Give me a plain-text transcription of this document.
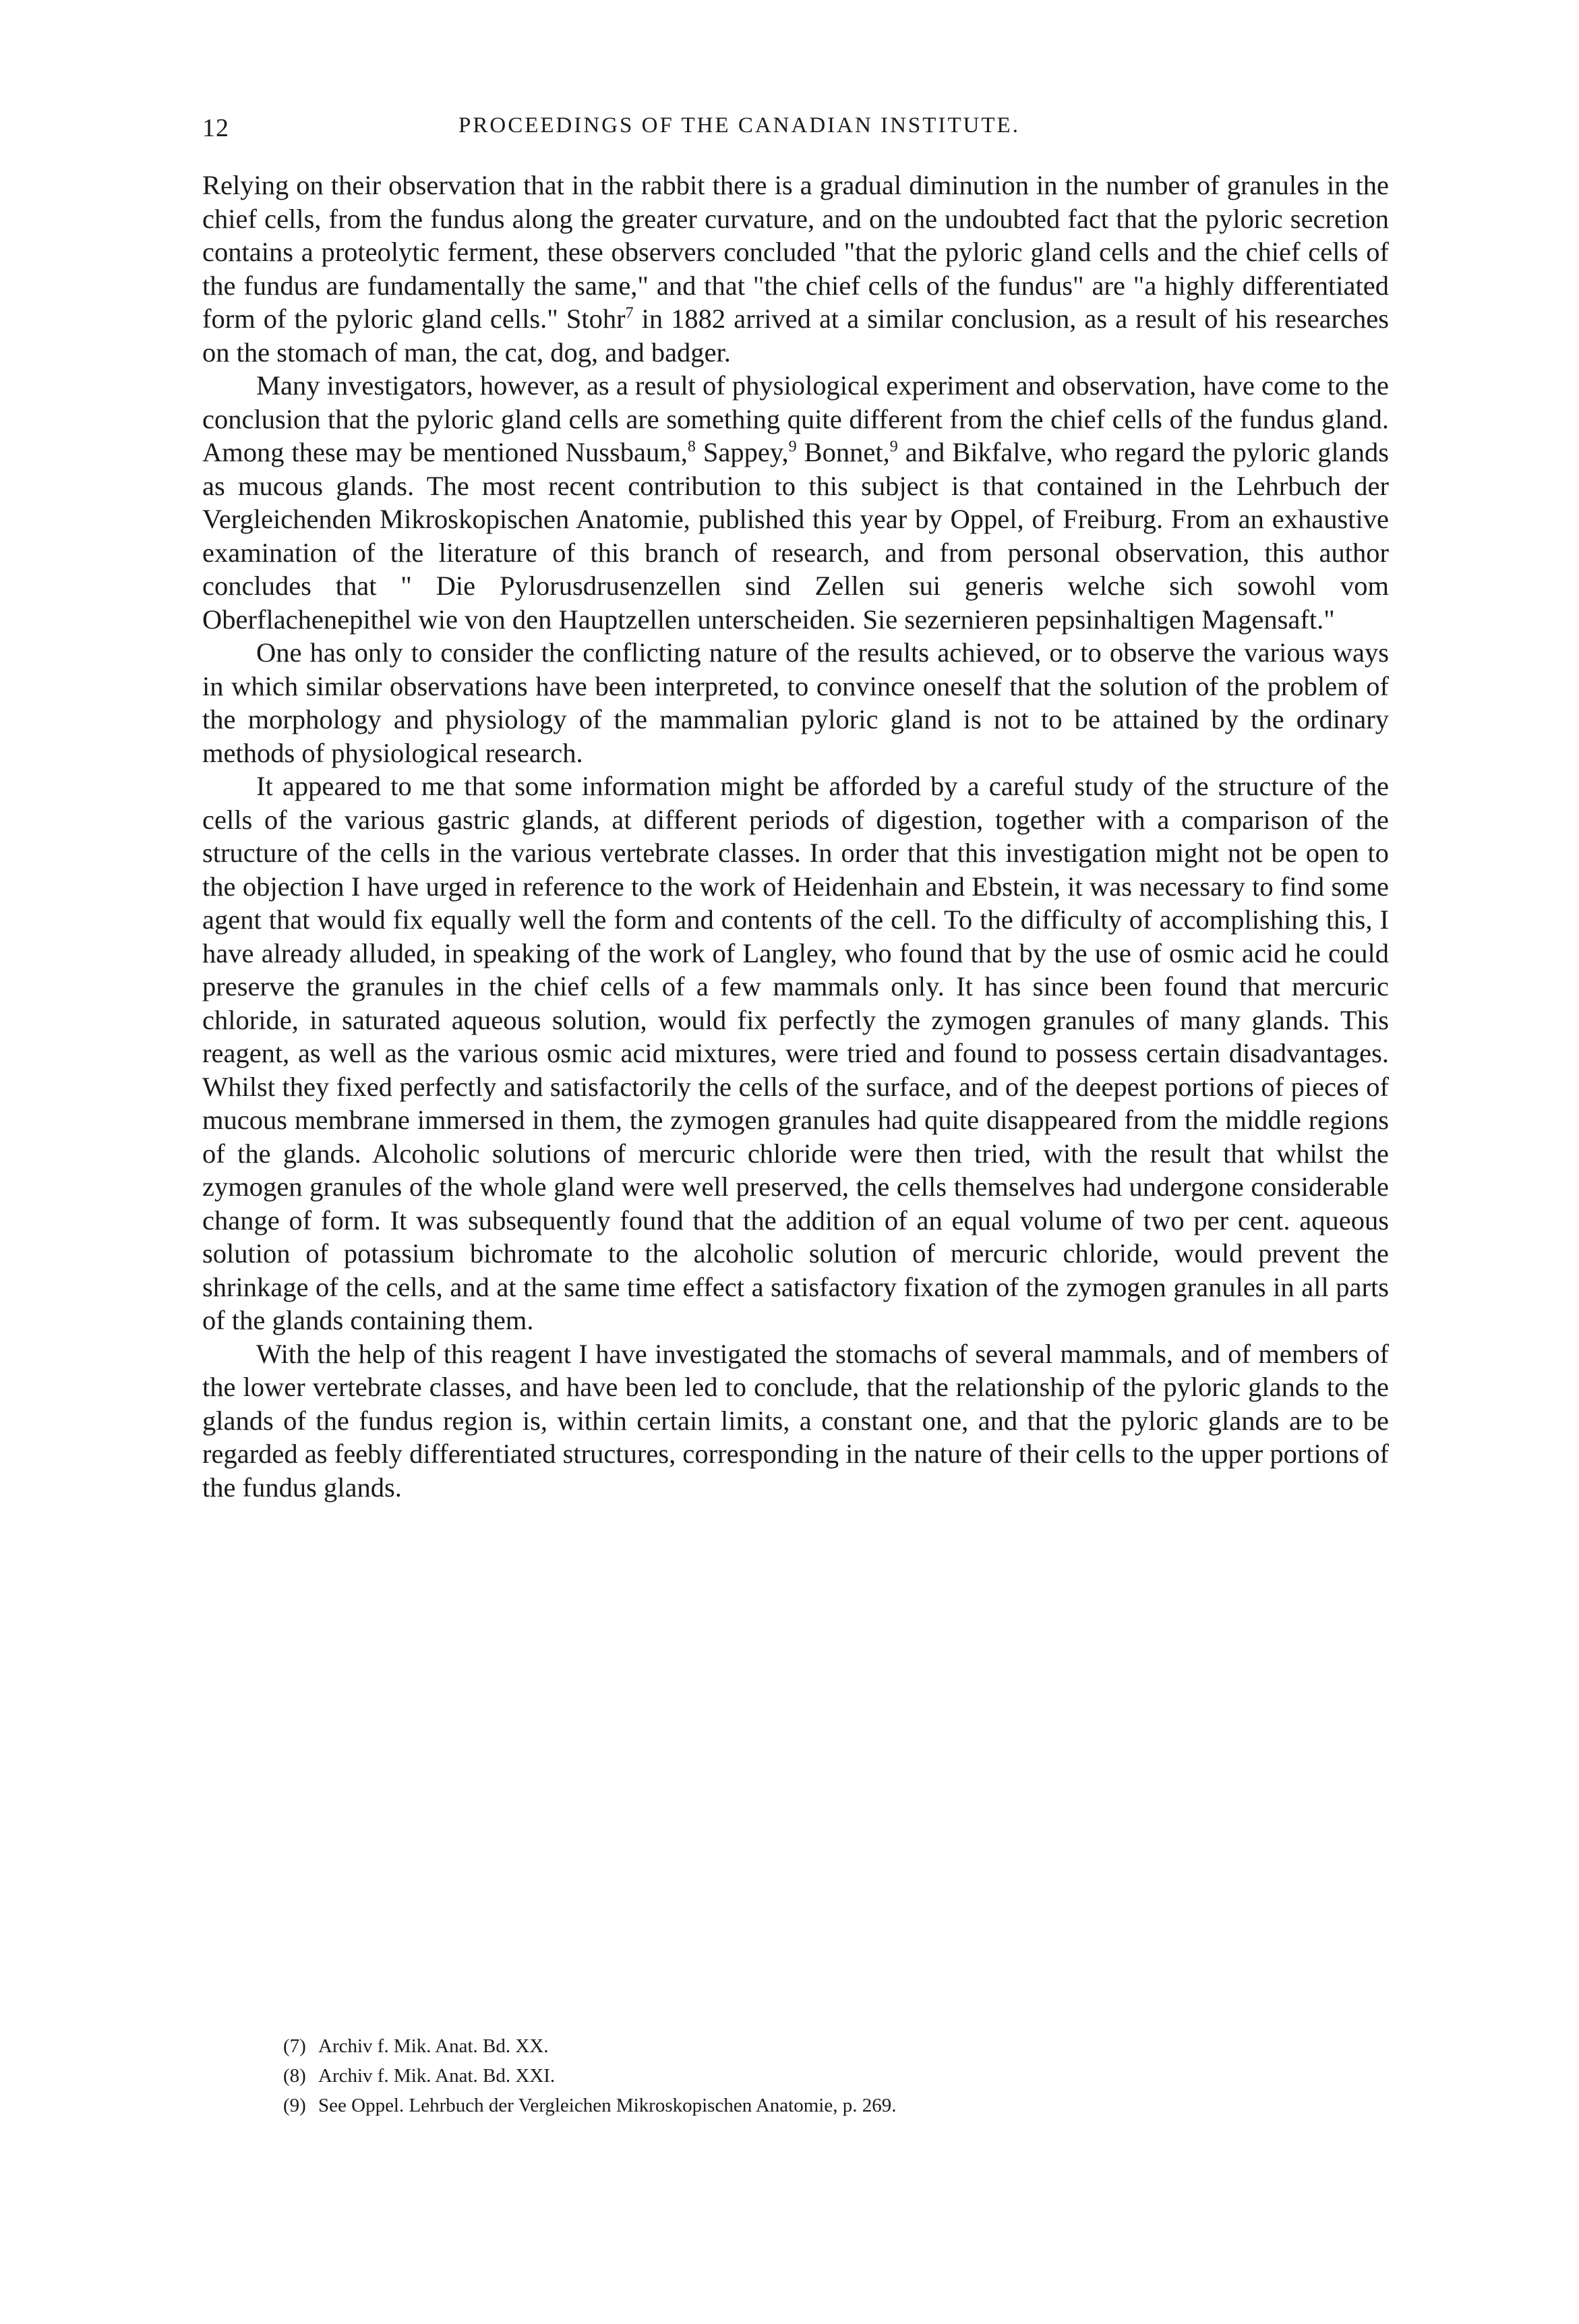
12	PROCEEDINGS OF THE CANADIAN INSTITUTE.

Relying on their observation that in the rabbit there is a gradual diminution in the number of granules in the chief cells, from the fundus along the greater curvature, and on the undoubted fact that the pyloric secretion contains a proteolytic ferment, these observers concluded "that the pyloric gland cells and the chief cells of the fundus are fundamentally the same," and that "the chief cells of the fundus" are "a highly differentiated form of the pyloric gland cells." Stohr$^7$ in 1882 arrived at a similar conclusion, as a result of his researches on the stomach of man, the cat, dog, and badger.

Many investigators, however, as a result of physiological experiment and observation, have come to the conclusion that the pyloric gland cells are something quite different from the chief cells of the fundus gland. Among these may be mentioned Nussbaum,$^8$ Sappey,$^9$ Bonnet,$^9$ and Bikfalve, who regard the pyloric glands as mucous glands. The most recent contribution to this subject is that contained in the Lehrbuch der Vergleichenden Mikroskopischen Anatomie, published this year by Oppel, of Freiburg. From an exhaustive examination of the literature of this branch of research, and from personal observation, this author concludes that " Die Pylorusdrusenzellen sind Zellen sui generis welche sich sowohl vom Oberflachenepithel wie von den Hauptzellen unterscheiden. Sie sezernieren pepsinhaltigen Magensaft."

One has only to consider the conflicting nature of the results achieved, or to observe the various ways in which similar observations have been interpreted, to convince oneself that the solution of the problem of the morphology and physiology of the mammalian pyloric gland is not to be attained by the ordinary methods of physiological research.

It appeared to me that some information might be afforded by a careful study of the structure of the cells of the various gastric glands, at different periods of digestion, together with a comparison of the structure of the cells in the various vertebrate classes. In order that this investigation might not be open to the objection I have urged in reference to the work of Heidenhain and Ebstein, it was necessary to find some agent that would fix equally well the form and contents of the cell. To the difficulty of accomplishing this, I have already alluded, in speaking of the work of Langley, who found that by the use of osmic acid he could preserve the granules in the chief cells of a few mammals only. It has since been found that mercuric chloride, in saturated aqueous solution, would fix perfectly the zymogen granules of many glands. This reagent, as well as the various osmic acid mixtures, were tried and found to possess certain disadvantages. Whilst they fixed perfectly and satisfactorily the cells of the surface, and of the deepest portions of pieces of mucous membrane immersed in them, the zymogen granules had quite disappeared from the middle regions of the glands. Alcoholic solutions of mercuric chloride were then tried, with the result that whilst the zymogen granules of the whole gland were well preserved, the cells themselves had undergone considerable change of form. It was subsequently found that the addition of an equal volume of two per cent. aqueous solution of potassium bichromate to the alcoholic solution of mercuric chloride, would prevent the shrinkage of the cells, and at the same time effect a satisfactory fixation of the zymogen granules in all parts of the glands containing them.

With the help of this reagent I have investigated the stomachs of several mammals, and of members of the lower vertebrate classes, and have been led to conclude, that the relationship of the pyloric glands to the glands of the fundus region is, within certain limits, a constant one, and that the pyloric glands are to be regarded as feebly differentiated structures, corresponding in the nature of their cells to the upper portions of the fundus glands.

(7) Archiv f. Mik. Anat. Bd. XX.
(8) Archiv f. Mik. Anat. Bd. XXI.
(9) See Oppel. Lehrbuch der Vergleichen Mikroskopischen Anatomie, p. 269.
